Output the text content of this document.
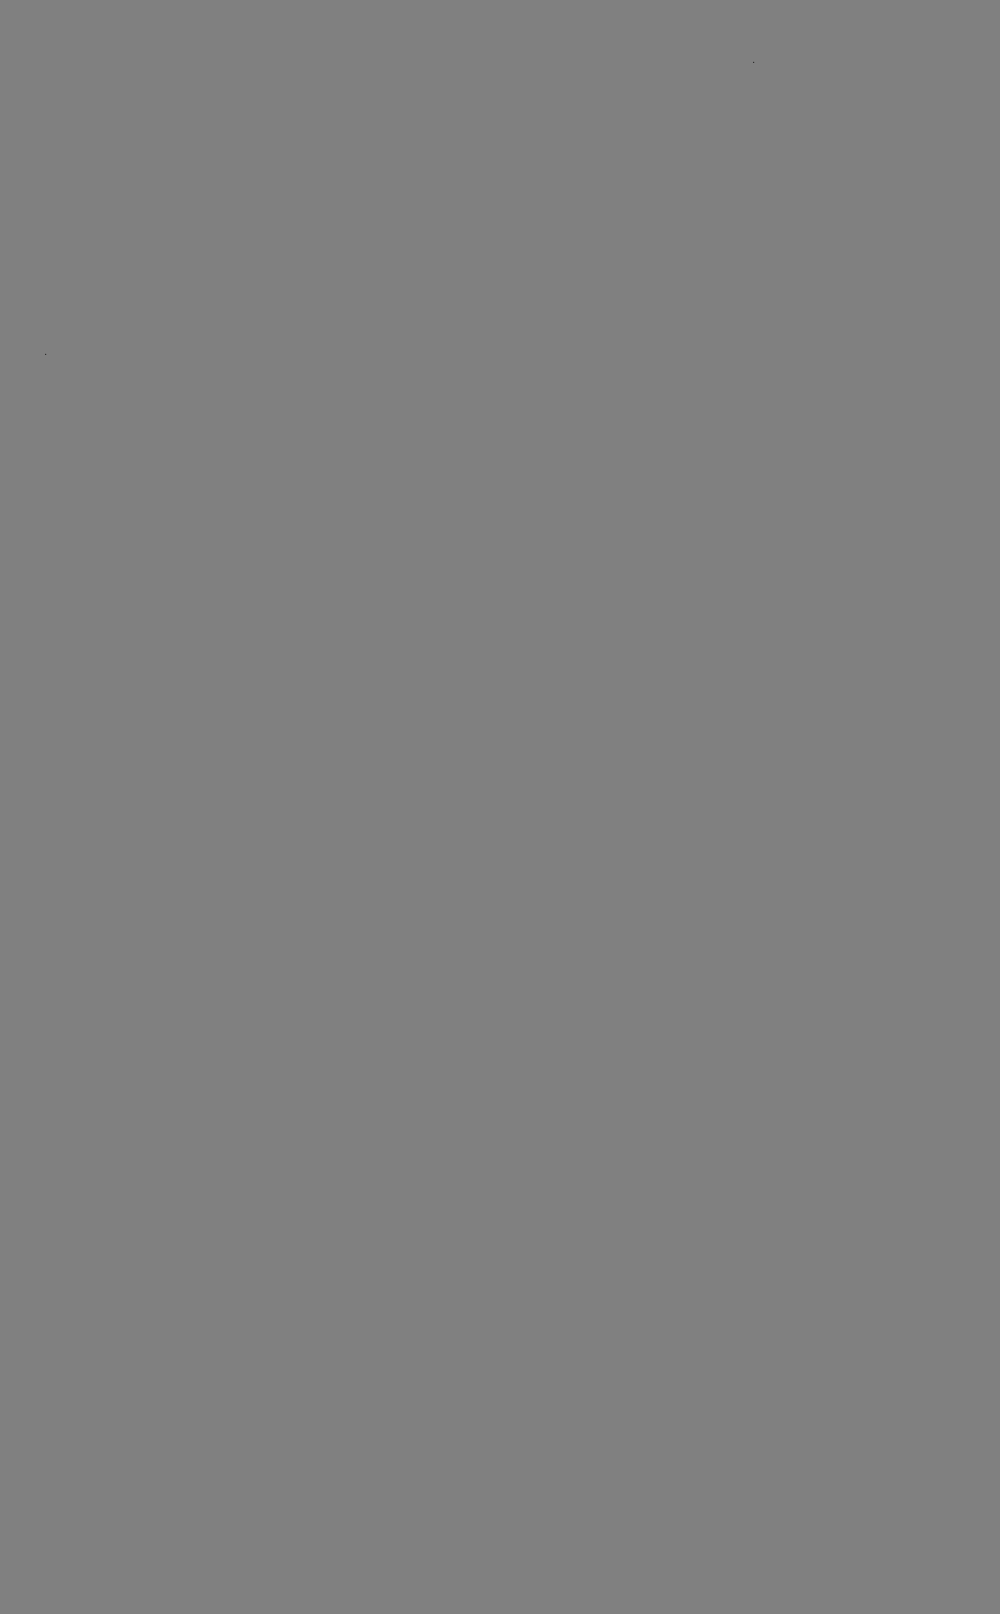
·
·
